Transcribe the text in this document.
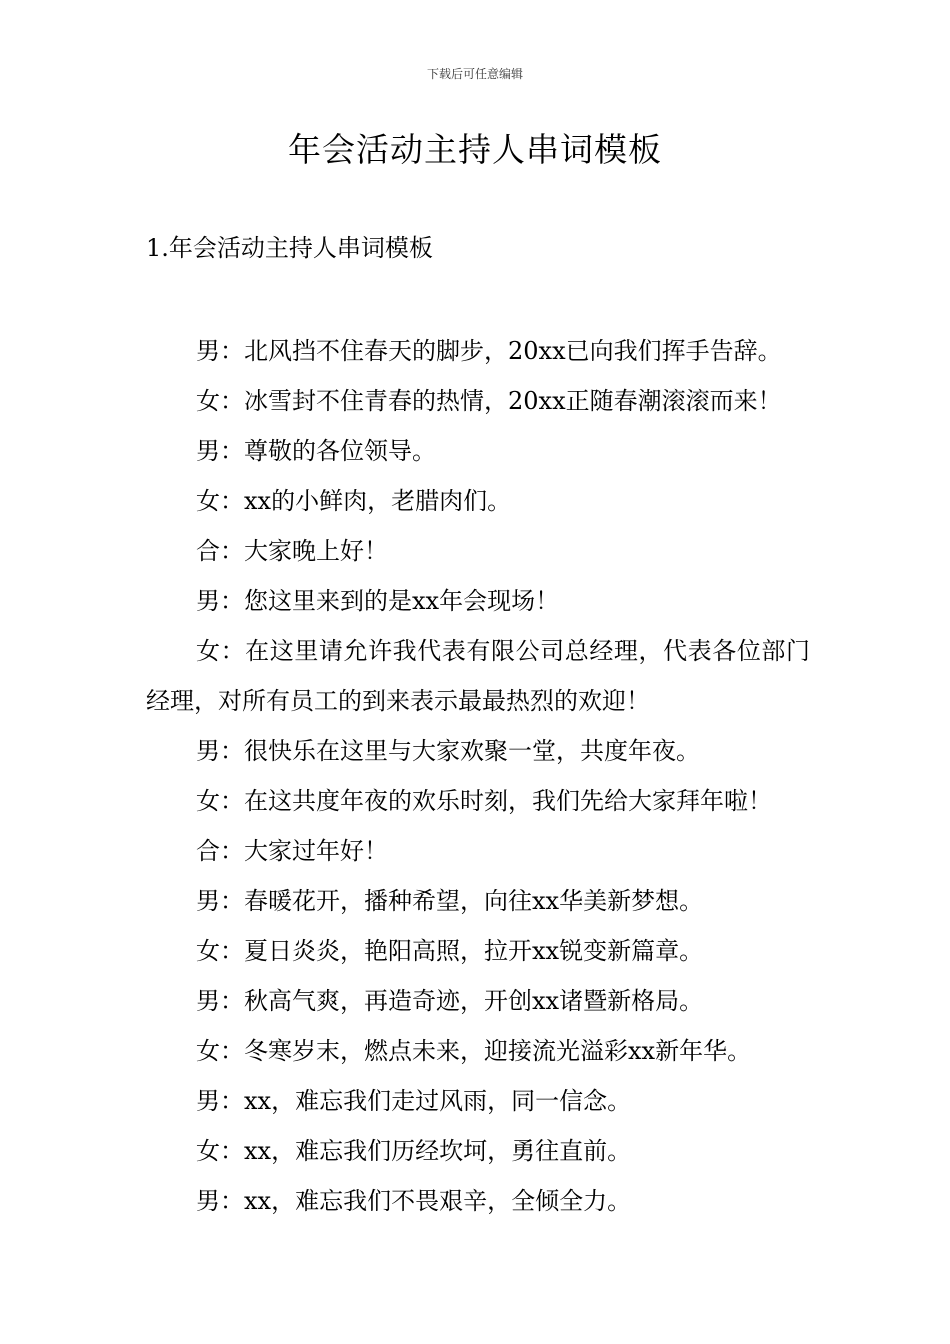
下载后可任意编辑
年会活动主持人串词模板
1.年会活动主持人串词模板

男：北风挡不住春天的脚步，20xx已向我们挥手告辞。

女：冰雪封不住青春的热情，20xx正随春潮滚滚而来！

男：尊敬的各位领导。

女：xx的小鲜肉，老腊肉们。

合：大家晚上好！

男：您这里来到的是xx年会现场！

女：在这里请允许我代表有限公司总经理，代表各位部门经理，对所有员工的到来表示最最热烈的欢迎！

男：很快乐在这里与大家欢聚一堂，共度年夜。

女：在这共度年夜的欢乐时刻，我们先给大家拜年啦！

合：大家过年好！

男：春暖花开，播种希望，向往xx华美新梦想。

女：夏日炎炎，艳阳高照，拉开xx锐变新篇章。

男：秋高气爽，再造奇迹，开创xx诸暨新格局。

女：冬寒岁末，燃点未来，迎接流光溢彩xx新年华。

男：xx，难忘我们走过风雨，同一信念。

女：xx，难忘我们历经坎坷，勇往直前。

男：xx，难忘我们不畏艰辛，全倾全力。
